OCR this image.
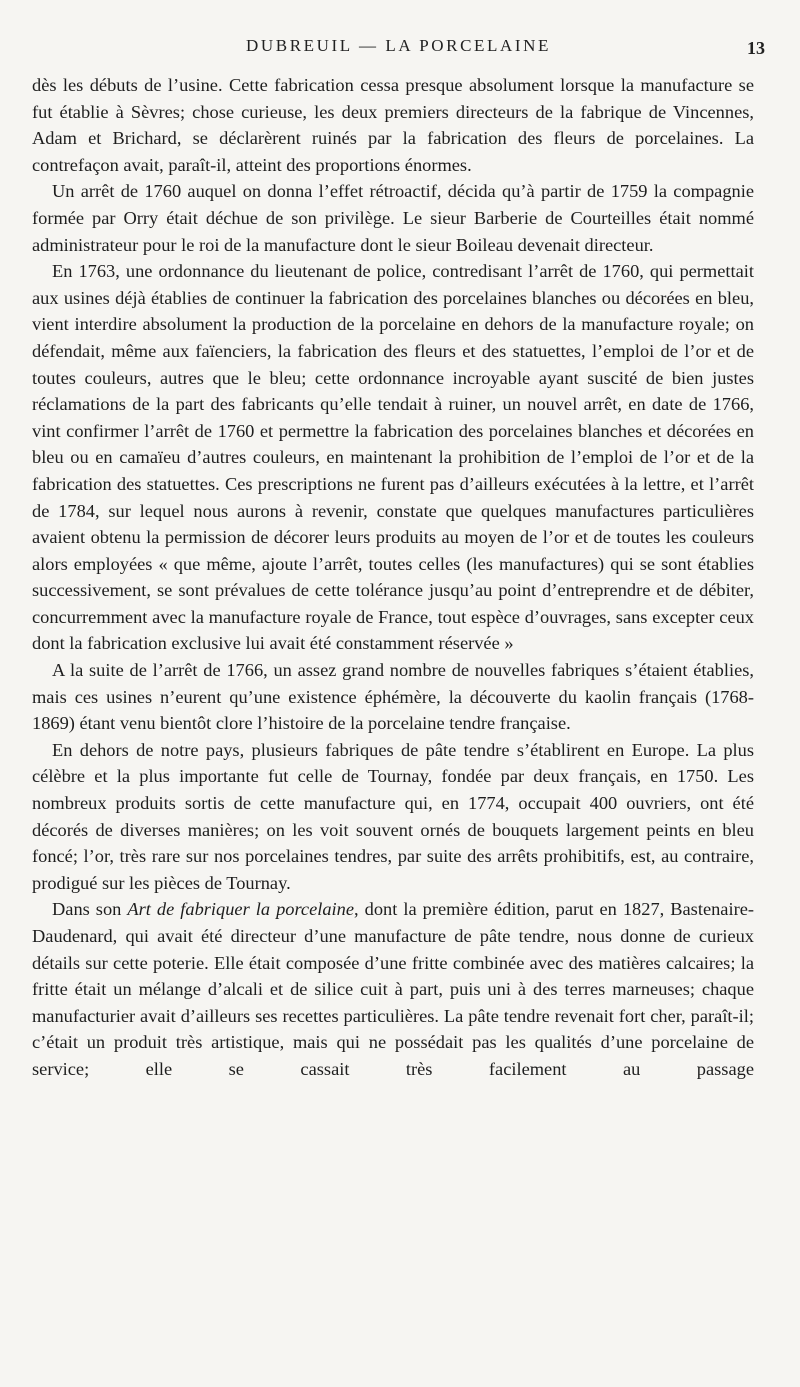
DUBREUIL — LA PORCELAINE	13

dès les débuts de l’usine. Cette fabrication cessa presque absolument lorsque la manufacture se fut établie à Sèvres; chose curieuse, les deux premiers directeurs de la fabrique de Vincennes, Adam et Brichard, se déclarèrent ruinés par la fabrication des fleurs de porcelaines. La contrefaçon avait, paraît-il, atteint des proportions énormes.

Un arrêt de 1760 auquel on donna l’effet rétroactif, décida qu’à partir de 1759 la compagnie formée par Orry était déchue de son privilège. Le sieur Barberie de Courteilles était nommé administrateur pour le roi de la manufacture dont le sieur Boileau devenait directeur.

En 1763, une ordonnance du lieutenant de police, contredisant l’arrêt de 1760, qui permettait aux usines déjà établies de continuer la fabrication des porcelaines blanches ou décorées en bleu, vient interdire absolument la production de la porcelaine en dehors de la manufacture royale; on défendait, même aux faïenciers, la fabrication des fleurs et des statuettes, l’emploi de l’or et de toutes couleurs, autres que le bleu; cette ordonnance incroyable ayant suscité de bien justes réclamations de la part des fabricants qu’elle tendait à ruiner, un nouvel arrêt, en date de 1766, vint confirmer l’arrêt de 1760 et permettre la fabrication des porcelaines blanches et décorées en bleu ou en camaïeu d’autres couleurs, en maintenant la prohibition de l’emploi de l’or et de la fabrication des statuettes. Ces prescriptions ne furent pas d’ailleurs exécutées à la lettre, et l’arrêt de 1784, sur lequel nous aurons à revenir, constate que quelques manufactures particulières avaient obtenu la permission de décorer leurs produits au moyen de l’or et de toutes les couleurs alors employées « que même, ajoute l’arrêt, toutes celles (les manufactures) qui se sont établies successivement, se sont prévalues de cette tolérance jusqu’au point d’entreprendre et de débiter, concurremment avec la manufacture royale de France, tout espèce d’ouvrages, sans excepter ceux dont la fabrication exclusive lui avait été constamment réservée »

A la suite de l’arrêt de 1766, un assez grand nombre de nouvelles fabriques s’étaient établies, mais ces usines n’eurent qu’une existence éphémère, la découverte du kaolin français (1768-1869) étant venu bientôt clore l’histoire de la porcelaine tendre française.

En dehors de notre pays, plusieurs fabriques de pâte tendre s’établirent en Europe. La plus célèbre et la plus importante fut celle de Tournay, fondée par deux français, en 1750. Les nombreux produits sortis de cette manufacture qui, en 1774, occupait 400 ouvriers, ont été décorés de diverses manières; on les voit souvent ornés de bouquets largement peints en bleu foncé; l’or, très rare sur nos porcelaines tendres, par suite des arrêts prohibitifs, est, au contraire, prodigué sur les pièces de Tournay.

Dans son Art de fabriquer la porcelaine, dont la première édition, parut en 1827, Bastenaire-Daudenard, qui avait été directeur d’une manufacture de pâte tendre, nous donne de curieux détails sur cette poterie. Elle était composée d’une fritte combinée avec des matières calcaires; la fritte était un mélange d’alcali et de silice cuit à part, puis uni à des terres marneuses; chaque manufacturier avait d’ailleurs ses recettes particulières. La pâte tendre revenait fort cher, paraît-il; c’était un produit très artistique, mais qui ne possédait pas les qualités d’une porcelaine de service; elle se cassait très facilement au passage
